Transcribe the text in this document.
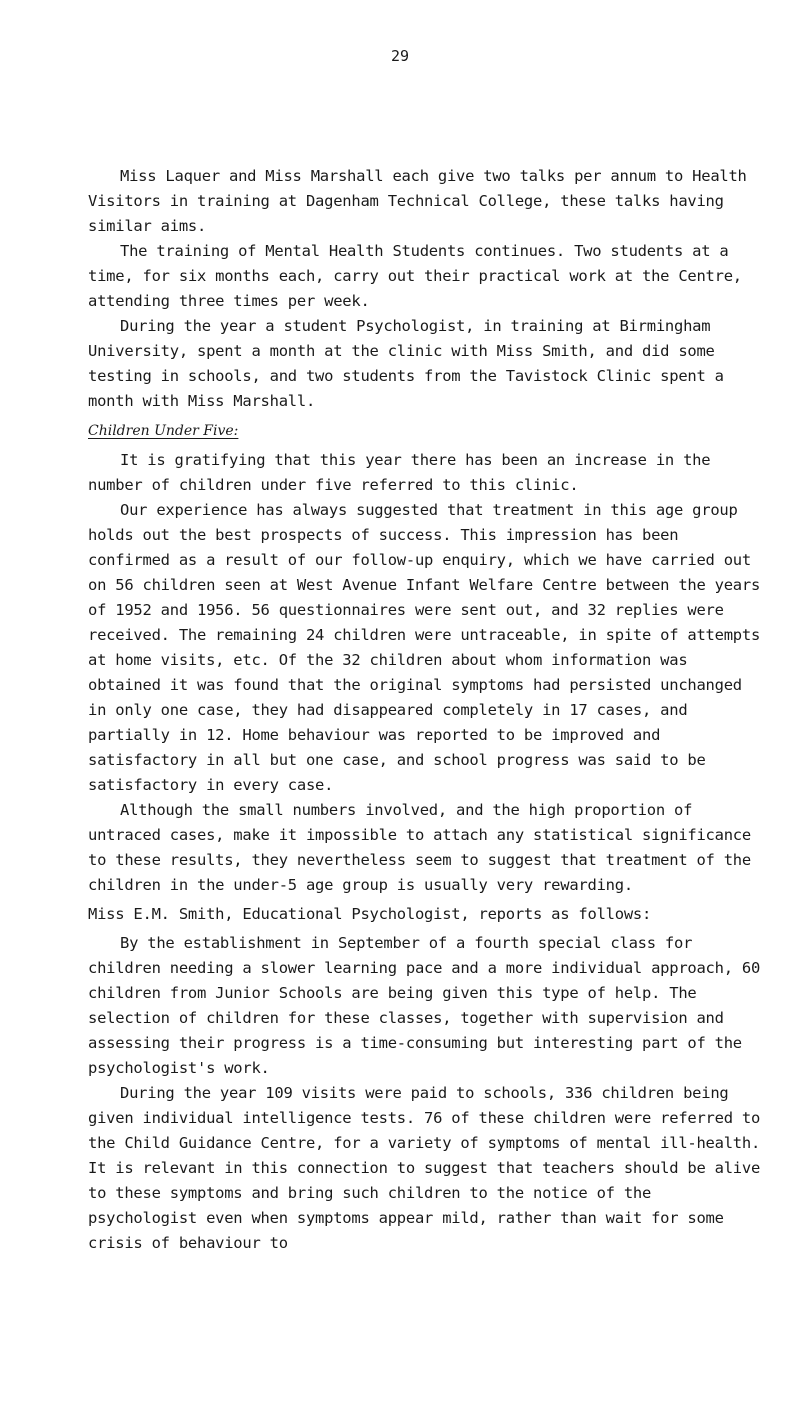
29

Miss Laquer and Miss Marshall each give two talks per annum to Health Visitors in training at Dagenham Technical College, these talks having similar aims.

The training of Mental Health Students continues. Two students at a time, for six months each, carry out their practical work at the Centre, attending three times per week.

During the year a student Psychologist, in training at Birmingham University, spent a month at the clinic with Miss Smith, and did some testing in schools, and two students from the Tavistock Clinic spent a month with Miss Marshall.

Children Under Five:

It is gratifying that this year there has been an increase in the number of children under five referred to this clinic.

Our experience has always suggested that treatment in this age group holds out the best prospects of success. This impression has been confirmed as a result of our follow-up enquiry, which we have carried out on 56 children seen at West Avenue Infant Welfare Centre between the years of 1952 and 1956. 56 questionnaires were sent out, and 32 replies were received. The remaining 24 children were untraceable, in spite of attempts at home visits, etc. Of the 32 children about whom information was obtained it was found that the original symptoms had persisted unchanged in only one case, they had disappeared completely in 17 cases, and partially in 12. Home behaviour was reported to be improved and satisfactory in all but one case, and school progress was said to be satisfactory in every case.

Although the small numbers involved, and the high proportion of untraced cases, make it impossible to attach any statistical significance to these results, they nevertheless seem to suggest that treatment of the children in the under-5 age group is usually very rewarding.

Miss E.M. Smith, Educational Psychologist, reports as follows:

By the establishment in September of a fourth special class for children needing a slower learning pace and a more individual approach, 60 children from Junior Schools are being given this type of help. The selection of children for these classes, together with supervision and assessing their progress is a time-consuming but interesting part of the psychologist's work.

During the year 109 visits were paid to schools, 336 children being given individual intelligence tests. 76 of these children were referred to the Child Guidance Centre, for a variety of symptoms of mental ill-health. It is relevant in this connection to suggest that teachers should be alive to these symptoms and bring such children to the notice of the psychologist even when symptoms appear mild, rather than wait for some crisis of behaviour to
